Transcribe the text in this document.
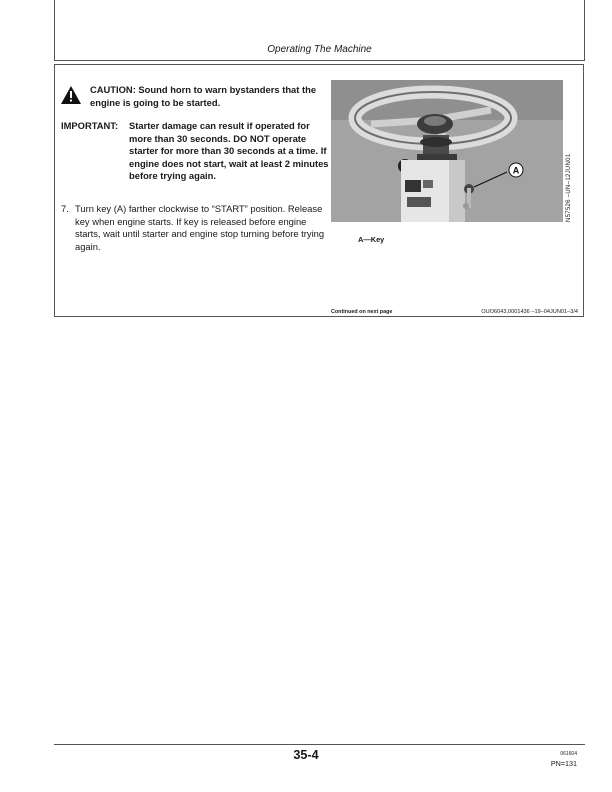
Operating The Machine
CAUTION: Sound horn to warn bystanders that the engine is going to be started.
IMPORTANT: Starter damage can result if operated for more than 30 seconds. DO NOT operate starter for more than 30 seconds at a time. If engine does not start, wait at least 2 minutes before trying again.
7. Turn key (A) farther clockwise to “START” position. Release key when engine starts. If key is released before engine starts, wait until starter and engine stop turning before trying again.
A	N57526 –UN–12JUN01
A—Key
Continued on next page	OUO6043,0001436 –19–04JUN01–3/4
35-4	061604
PN=131
